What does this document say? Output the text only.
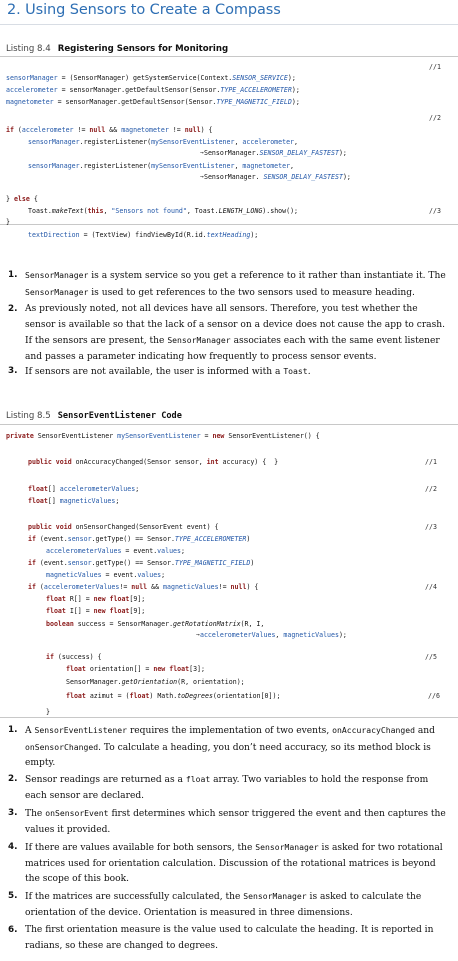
2. Using Sensors to Create a Compass
Listing 8.4 Registering Sensors for Monitoring
//1
sensorManager = (SensorManager) getSystemService(Context.SENSOR_SERVICE);
accelerometer = sensorManager.getDefaultSensor(Sensor.TYPE_ACCELEROMETER);
magnetometer = sensorManager.getDefaultSensor(Sensor.TYPE_MAGNETIC_FIELD);
//2
if (accelerometer != null && magnetometer != null) {
sensorManager.registerListener(mySensorEventListener, accelerometer,
➙SensorManager.SENSOR_DELAY_FASTEST);
sensorManager.registerListener(mySensorEventListener, magnetometer,
➙SensorManager. SENSOR_DELAY_FASTEST);
} else {
Toast.makeText(this, "Sensors not found", Toast.LENGTH_LONG).show();	//3
}
textDirection = (TextView) findViewById(R.id.textHeading);
1. SensorManager is a system service so you get a reference to it rather than instantiate it. The SensorManager is used to get references to the two sensors used to measure heading.
2. As previously noted, not all devices have all sensors. Therefore, you test whether the sensor is available so that the lack of a sensor on a device does not cause the app to crash. If the sensors are present, the SensorManager associates each with the same event listener and passes a parameter indicating how frequently to process sensor events.
3. If sensors are not available, the user is informed with a Toast.
Listing 8.5 SensorEventListener Code
private SensorEventListener mySensorEventListener = new SensorEventListener() {
public void onAccuracyChanged(Sensor sensor, int accuracy) {  }	//1
float[] accelerometerValues;	//2
float[] magneticValues;
public void onSensorChanged(SensorEvent event) {	//3
if (event.sensor.getType() == Sensor.TYPE_ACCELEROMETER)
accelerometerValues = event.values;
if (event.sensor.getType() == Sensor.TYPE_MAGNETIC_FIELD)
magneticValues = event.values;
if (accelerometerValues!= null && magneticValues!= null) {	//4
float R[] = new float[9];
float I[] = new float[9];
boolean success = SensorManager.getRotationMatrix(R, I,
➙accelerometerValues, magneticValues);
if (success) {	//5
float orientation[] = new float[3];
SensorManager.getOrientation(R, orientation);
float azimut = (float) Math.toDegrees(orientation[0]);	//6
}
1. A SensorEventListener requires the implementation of two events, onAccuracyChanged and onSensorChanged. To calculate a heading, you don’t need accuracy, so its method block is empty.
2. Sensor readings are returned as a float array. Two variables to hold the response from each sensor are declared.
3. The onSensorEvent first determines which sensor triggered the event and then captures the values it provided.
4. If there are values available for both sensors, the SensorManager is asked for two rotational matrices used for orientation calculation. Discussion of the rotational matrices is beyond the scope of this book.
5. If the matrices are successfully calculated, the SensorManager is asked to calculate the orientation of the device. Orientation is measured in three dimensions.
6. The first orientation measure is the value used to calculate the heading. It is reported in radians, so these are changed to degrees.
